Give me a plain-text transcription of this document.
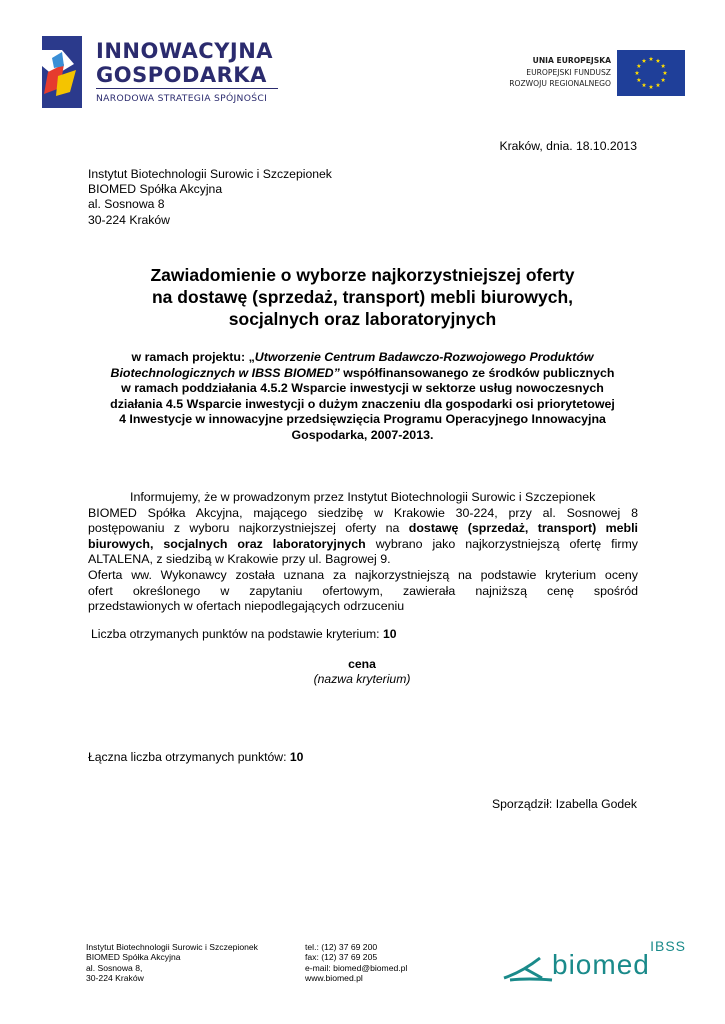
INNOWACYJNA
GOSPODARKA
NARODOWA STRATEGIA SPÓJNOŚCI
UNIA EUROPEJSKA
EUROPEJSKI FUNDUSZ
ROZWOJU REGIONALNEGO
Kraków, dnia. 18.10.2013
Instytut Biotechnologii Surowic i Szczepionek
BIOMED Spółka Akcyjna
al. Sosnowa 8
30-224 Kraków
Zawiadomienie o wyborze najkorzystniejszej oferty
na dostawę (sprzedaż, transport) mebli biurowych,
socjalnych oraz laboratoryjnych
w ramach projektu: „Utworzenie Centrum Badawczo-Rozwojowego Produktów
Biotechnologicznych w IBSS BIOMED” współfinansowanego ze środków publicznych
w ramach poddziałania 4.5.2 Wsparcie inwestycji w sektorze usług nowoczesnych
działania 4.5 Wsparcie inwestycji o dużym znaczeniu dla gospodarki osi priorytetowej
4 Inwestycje w innowacyjne przedsięwzięcia Programu Operacyjnego Innowacyjna
Gospodarka, 2007-2013.
Informujemy, że w prowadzonym przez Instytut Biotechnologii Surowic i Szczepionek
BIOMED Spółka Akcyjna, mającego siedzibę w Krakowie 30-224, przy al. Sosnowej 8
postępowaniu z wyboru najkorzystniejszej oferty na dostawę (sprzedaż, transport) mebli
biurowych, socjalnych oraz laboratoryjnych wybrano jako najkorzystniejszą ofertę firmy
ALTALENA, z siedzibą w Krakowie przy ul. Bagrowej 9.
Oferta ww. Wykonawcy została uznana za najkorzystniejszą na podstawie kryterium oceny
ofert określonego w zapytaniu ofertowym, zawierała najniższą cenę spośród
przedstawionych w ofertach niepodlegających odrzuceniu
Liczba otrzymanych punktów na podstawie kryterium: 10
cena
(nazwa kryterium)
Łączna liczba otrzymanych punktów: 10
Sporządził: Izabella Godek
Instytut Biotechnologii Surowic i Szczepionek
BIOMED Spółka Akcyjna
al. Sosnowa 8,
30-224 Kraków
tel.: (12) 37 69 200
fax: (12) 37 69 205
e-mail: biomed@biomed.pl
www.biomed.pl
IBSS
biomed
